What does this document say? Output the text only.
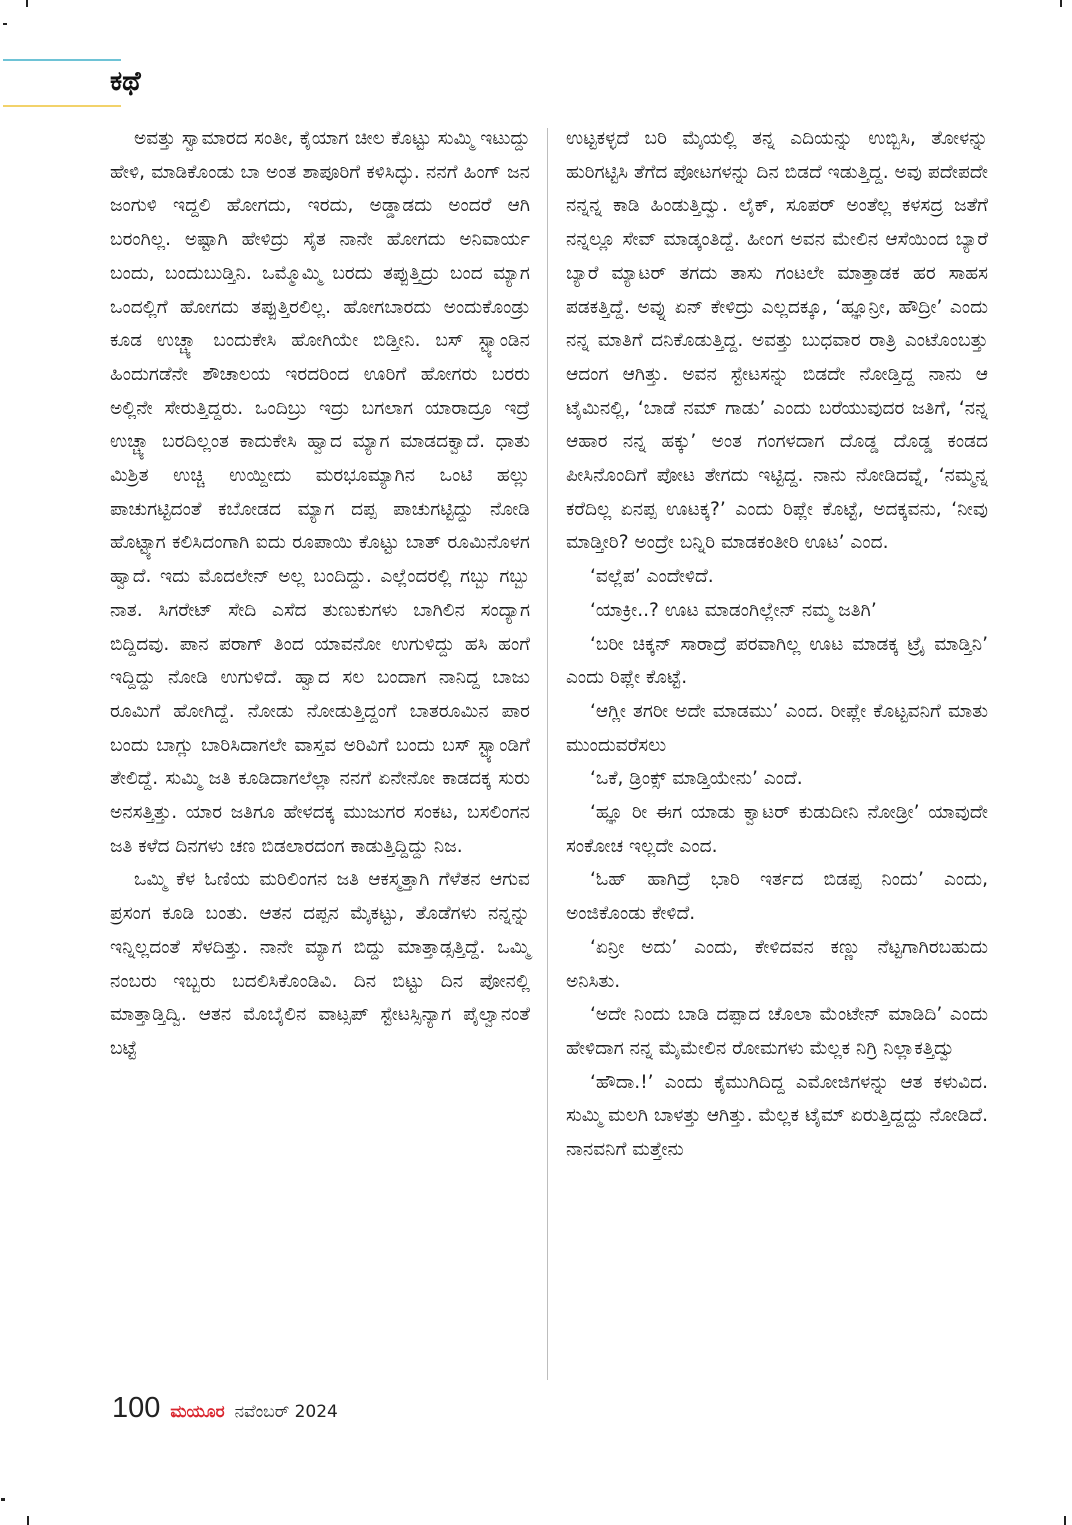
ಕಥೆ

ಅವತ್ತು ಸ್ವಾಮಾರದ ಸಂತೀ, ಕೈಯಾಗ ಚೀಲ ಕೊಟ್ಟು ಸುಮ್ಮಿ ಇಟುದ್ದು ಹೇಳಿ, ಮಾಡಿಕೊಂಡು ಬಾ ಅಂತ ಶಾಪೂರಿಗೆ ಕಳಿಸಿದ್ಳು. ನನಗೆ ಹಿಂಗ್ ಜನ ಜಂಗುಳಿ ಇದ್ದಲಿ ಹೋಗದು, ಇರದು, ಅಡ್ಡಾಡದು ಅಂದರೆ ಆಗಿ ಬರಂಗಿಲ್ಲ. ಅಷ್ಟಾಗಿ ಹೇಳಿದ್ರು ಸೈತ ನಾನೇ ಹೋಗದು ಅನಿವಾರ್ಯ ಬಂದು, ಬಂದುಬುಡ್ತಿನಿ. ಒಮ್ಮೊಮ್ಮಿ ಬರದು ತಪ್ಪುತ್ತಿದ್ರು ಬಂದ ಮ್ಯಾಗ ಒಂದಲ್ಲಿಗೆ ಹೋಗದು ತಪ್ಪುತ್ತಿರಲಿಲ್ಲ. ಹೋಗಬಾರದು ಅಂದುಕೊಂಡ್ರು ಕೂಡ ಉಚ್ಚ್ಯಾ ಬಂದುಕೇಸಿ ಹೋಗಿಯೇ ಬಿಡ್ತೀನಿ. ಬಸ್ ಸ್ಟ್ಯಾಂಡಿನ ಹಿಂದುಗಡೆನೇ ಶೌಚಾಲಯ ಇರದರಿಂದ ಊರಿಗೆ ಹೋಗರು ಬರರು ಅಲ್ಲಿನೇ ಸೇರುತ್ತಿದ್ದರು. ಒಂದಿಬ್ರು ಇದ್ರು ಬಗಲಾಗ ಯಾರಾದ್ರೂ ಇದ್ರೆ ಉಚ್ಚ್ಯಾ ಬರದಿಲ್ಲಂತ ಕಾದುಕೇಸಿ ಹ್ವಾದ ಮ್ಯಾಗ ಮಾಡದಕ್ವಾದೆ. ಧಾತು ಮಿಶ್ರಿತ ಉಚ್ಚಿ ಉಯ್ದೀದು ಮರಭೂಮ್ಯಾಗಿನ ಒಂಟಿ ಹಲ್ಲು ಪಾಚುಗಟ್ಟಿದಂತೆ ಕಬೋಡದ ಮ್ಯಾಗ ದಪ್ಪ ಪಾಚುಗಟ್ಟಿದ್ದು ನೋಡಿ ಹೊಟ್ಟ್ಯಾಗ ಕಲಿಸಿದಂಗಾಗಿ ಐದು ರೂಪಾಯಿ ಕೊಟ್ಟು ಬಾತ್ ರೂಮಿನೊಳಗ ಹ್ವಾದೆ. ಇದು ಮೊದಲೇನ್ ಅಲ್ಲ ಬಂದಿದ್ದು. ಎಲ್ಲೆಂದರಲ್ಲಿ ಗಬ್ಬು ಗಬ್ಬು ನಾತ. ಸಿಗರೇಟ್ ಸೇದಿ ಎಸೆದ ತುಣುಕುಗಳು ಬಾಗಿಲಿನ ಸಂದ್ಯಾಗ ಬಿದ್ದಿದವು. ಪಾನ ಪರಾಗ್ ತಿಂದ ಯಾವನೋ ಉಗುಳಿದ್ದು ಹಸಿ ಹಂಗೆ ಇದ್ದಿದ್ದು ನೋಡಿ ಉಗುಳಿದೆ. ಹ್ವಾದ ಸಲ ಬಂದಾಗ ನಾನಿದ್ದ ಬಾಜು ರೂಮಿಗೆ ಹೋಗಿದ್ದೆ. ನೋಡು ನೋಡುತ್ತಿದ್ದಂಗೆ ಬಾತರೂಮಿನ ಪಾರ ಬಂದು ಬಾಗ್ಲು ಬಾರಿಸಿದಾಗಲೇ ವಾಸ್ತವ ಅರಿವಿಗೆ ಬಂದು ಬಸ್ ಸ್ಟ್ಯಾಂಡಿಗೆ ತೇಲಿದ್ದೆ. ಸುಮ್ಮಿ ಜತಿ ಕೂಡಿದಾಗಲೆಲ್ಲಾ ನನಗೆ ಏನೇನೋ ಕಾಡದಕ್ಕ ಸುರು ಅನಸತ್ತಿತ್ತು. ಯಾರ ಜತಿಗೂ ಹೇಳದಕ್ಕ ಮುಜುಗರ ಸಂಕಟ, ಬಸಲಿಂಗನ ಜತಿ ಕಳೆದ ದಿನಗಳು ಚಣ ಬಿಡಲಾರದಂಗ ಕಾಡುತ್ತಿದ್ದಿದ್ದು ನಿಜ.

ಒಮ್ಮಿ ಕೆಳ ಓಣಿಯ ಮರಿಲಿಂಗನ ಜತಿ ಆಕಸ್ಮತ್ತಾಗಿ ಗೆಳೆತನ ಆಗುವ ಪ್ರಸಂಗ ಕೂಡಿ ಬಂತು. ಆತನ ದಪ್ಪನ ಮೈಕಟ್ಟು, ತೊಡೆಗಳು ನನ್ನನ್ನು ಇನ್ನಿಲ್ಲದಂತೆ ಸೆಳದಿತ್ತು. ನಾನೇ ಮ್ಯಾಗ ಬಿದ್ದು ಮಾತ್ತಾಡ್ಸತ್ತಿದ್ದೆ. ಒಮ್ಮಿ ನಂಬರು ಇಬ್ಬರು ಬದಲಿಸಿಕೊಂಡಿವಿ. ದಿನ ಬಿಟ್ಟು ದಿನ ಪೋನಲ್ಲಿ ಮಾತ್ತಾಡ್ತಿದ್ವಿ. ಆತನ ಮೊಬೈಲಿನ ವಾಟ್ಸಪ್ ಸ್ಟೇಟಸ್ಸಿನ್ಯಾಗ ಪೈಲ್ವಾನಂತೆ ಬಟ್ಟೆ

ಉಟ್ಟಕಳ್ಳದೆ ಬರಿ ಮೈಯಲ್ಲಿ ತನ್ನ ಎದಿಯನ್ನು ಉಬ್ಬಿಸಿ, ತೋಳನ್ನು ಹುರಿಗಟ್ಟಿಸಿ ತೆಗೆದ ಪೋಟಗಳನ್ನು ದಿನ ಬಿಡದೆ ಇಡುತ್ತಿದ್ದ. ಅವು ಪದೇಪದೇ ನನ್ನನ್ನ ಕಾಡಿ ಹಿಂಡುತ್ತಿದ್ವು. ಲೈಕ್, ಸೂಪರ್ ಅಂತೆಲ್ಲ ಕಳಸದ್ರ ಜತೆಗೆ ನನ್ನಲ್ಲೂ ಸೇವ್ ಮಾಡ್ಕಂತಿದ್ದೆ. ಹೀಂಗ ಅವನ ಮೇಲಿನ ಆಸೆಯಿಂದ ಬ್ಯಾರೆ ಬ್ಯಾರೆ ಮ್ಯಾಟರ್ ತಗದು ತಾಸು ಗಂಟಲೇ ಮಾತ್ತಾಡಕ ಹರ ಸಾಹಸ ಪಡಕತ್ತಿದ್ದೆ. ಅವ್ನು ಏನ್ ಕೇಳಿದ್ರು ಎಲ್ಲದಕ್ಕೂ, ‘ಹ್ಞೂನ್ರೀ, ಹೌದ್ರೀ’ ಎಂದು ನನ್ನ ಮಾತಿಗೆ ದನಿಕೊಡುತ್ತಿದ್ದ. ಅವತ್ತು ಬುಧವಾರ ರಾತ್ರಿ ಎಂಟೊಂಬತ್ತು ಆದಂಗ ಆಗಿತ್ತು. ಅವನ ಸ್ಟೇಟಸನ್ನು ಬಿಡದೇ ನೋಡ್ತಿದ್ದ ನಾನು ಆ ಟೈಮಿನಲ್ಲಿ, ‘ಬಾಡೆ ನಮ್ ಗಾಡು’ ಎಂದು ಬರೆಯುವುದರ ಜತಿಗೆ, ‘ನನ್ನ ಆಹಾರ ನನ್ನ ಹಕ್ಕು’ ಅಂತ ಗಂಗಳದಾಗ ದೊಡ್ಡ ದೊಡ್ಡ ಕಂಡದ ಪೀಸಿನೊಂದಿಗೆ ಪೋಟ ತೇಗದು ಇಟ್ಟಿದ್ದ. ನಾನು ನೋಡಿದವ್ನೆ, ‘ನಮ್ಮನ್ನ ಕರೆದಿಲ್ಲ ಏನಪ್ಪ ಊಟಕ್ಕ?’ ಎಂದು ರಿಪ್ಲೇ ಕೊಟ್ಟೆ, ಅದಕ್ಕವನು, ‘ನೀವು ಮಾಡ್ತೀರಿ? ಅಂದ್ರೇ ಬನ್ನಿರಿ ಮಾಡಕಂತೀರಿ ಊಟ’ ಎಂದ.

‘ವಲ್ಲೆಪ’ ಎಂದೇಳಿದೆ.

‘ಯಾಕ್ರೀ..? ಊಟ ಮಾಡಂಗಿಲ್ಲೇನ್ ನಮ್ಮ ಜತಿಗಿ’

‘ಬರೀ ಚಿಕ್ಕನ್ ಸಾರಾದ್ರೆ ಪರವಾಗಿಲ್ಲ ಊಟ ಮಾಡಕ್ಕ ಟ್ರೈ ಮಾಡ್ತಿನಿ’ ಎಂದು ರಿಪ್ಲೇ ಕೊಟ್ಟೆ.

‘ಆಗ್ಲೀ ತಗರೀ ಅದೇ ಮಾಡಮು’ ಎಂದ. ರೀಪ್ಲೇ ಕೊಟ್ಟವನಿಗೆ ಮಾತು ಮುಂದುವರೆಸಲು

‘ಒಕೆ, ಡ್ರಿಂಕ್ಸ್ ಮಾಡ್ತಿಯೇನು’ ಎಂದೆ.

‘ಹ್ಞೂ ರೀ ಈಗ ಯಾಡು ಕ್ವಾಟರ್ ಕುಡುದೀನಿ ನೋಡ್ರೀ’ ಯಾವುದೇ ಸಂಕೋಚ ಇಲ್ಲದೇ ಎಂದ.

‘ಓಹ್ ಹಾಗಿದ್ರೆ ಭಾರಿ ಇರ್ತದ ಬಿಡಪ್ಪ ನಿಂದು’ ಎಂದು, ಅಂಜಿಕೊಂಡು ಕೇಳಿದೆ.

‘ಏನ್ರೀ ಅದು’ ಎಂದು, ಕೇಳಿದವನ ಕಣ್ಣು ನೆಟ್ಟಗಾಗಿರಬಹುದು ಅನಿಸಿತು.

‘ಅದೇ ನಿಂದು ಬಾಡಿ ದಪ್ಪಾದ ಚೊಲಾ ಮೆಂಟೇನ್ ಮಾಡಿದಿ’ ಎಂದು ಹೇಳಿದಾಗ ನನ್ನ ಮೈಮೇಲಿನ ರೋಮಗಳು ಮೆಲ್ಲಕ ನಿಗ್ರಿ ನಿಲ್ಲಾಕತ್ತಿದ್ವು

‘ಹೌದಾ.!’ ಎಂದು ಕೈಮುಗಿದಿದ್ದ ಎಮೋಜಿಗಳನ್ನು ಆತ ಕಳುವಿದ. ಸುಮ್ಮಿ ಮಲಗಿ ಬಾಳತ್ತು ಆಗಿತ್ತು. ಮೆಲ್ಲಕ ಟೈಮ್ ಏರುತ್ತಿದ್ದದ್ದು ನೋಡಿದೆ. ನಾನವನಿಗೆ ಮತ್ತೇನು

100 ಮಯೂರ ನವೆಂಬರ್ 2024
